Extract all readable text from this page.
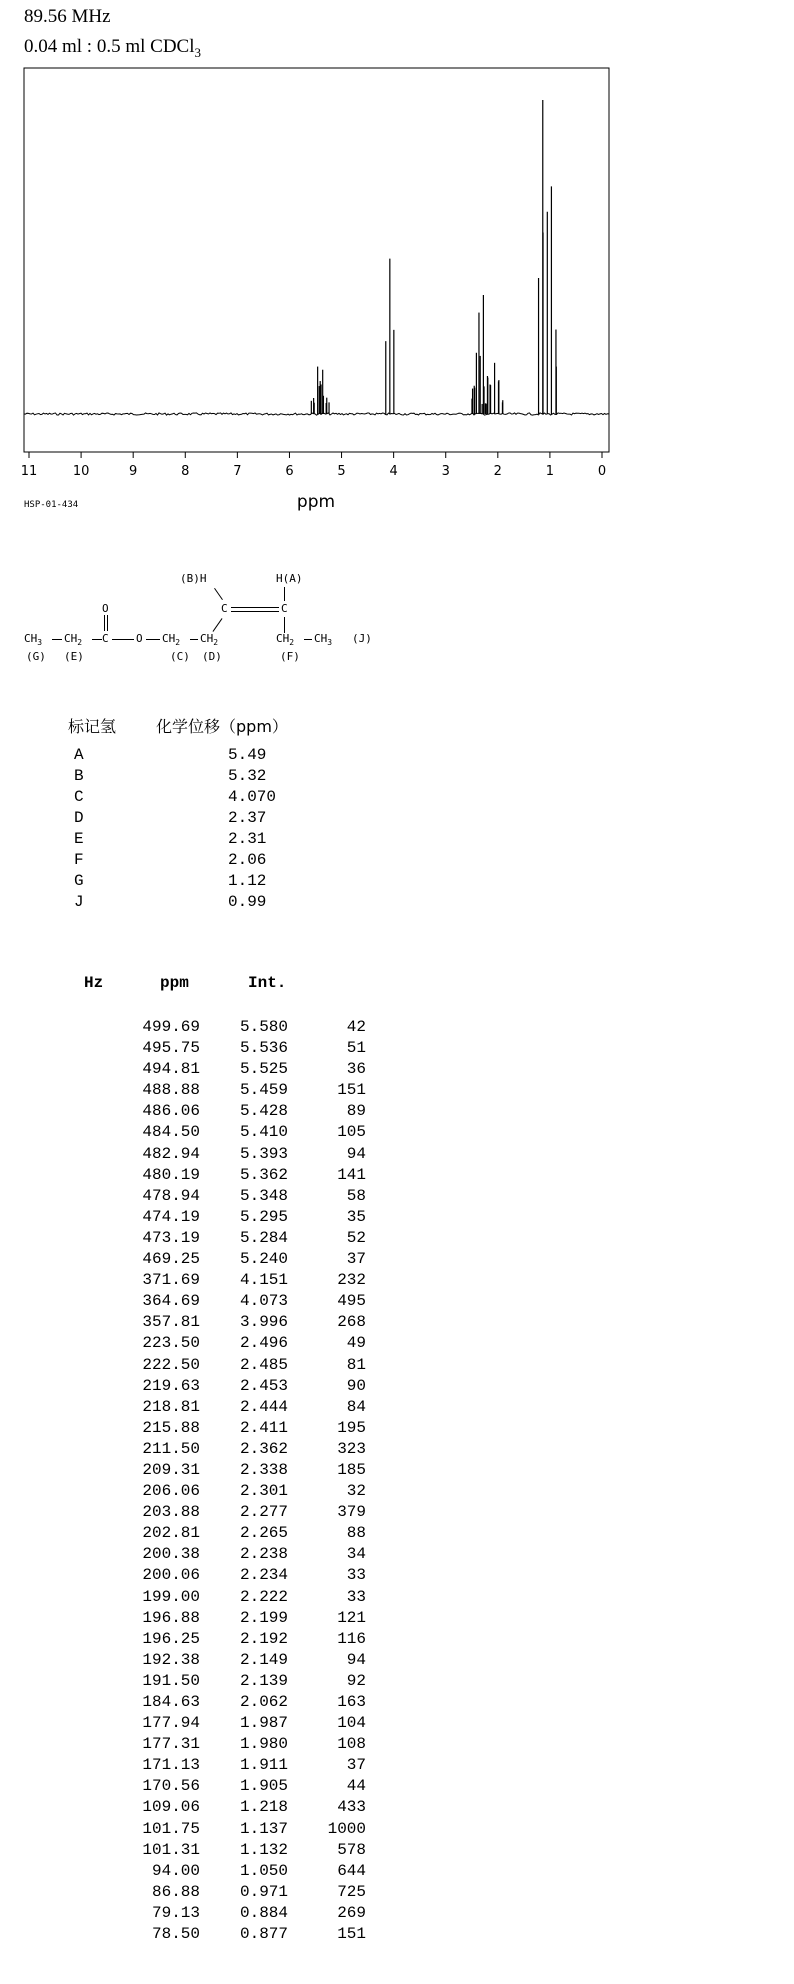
89.56 MHz
0.04 ml : 0.5 ml CDCl$_3$
11	10	9	8	7	6	5	4	3	2	1	0
ppm
HSP-01-434
(B)H	H(A)
O	C	C
$CH_3$ $CH_2$ C O $CH_2$ $CH_2$	$CH_2$ $CH_3$ (J)
(G) (E)	(C) (D)	(F)
标记氢 化学位移（ppm）
A	5.49
B	5.32
C	4.070
D	2.37
E	2.31
F	2.06
G	1.12
J	0.99
Hz	ppm	Int.
499.69	5.580	42
495.75	5.536	51
494.81	5.525	36
488.88	5.459	151
486.06	5.428	89
484.50	5.410	105
482.94	5.393	94
480.19	5.362	141
478.94	5.348	58
474.19	5.295	35
473.19	5.284	52
469.25	5.240	37
371.69	4.151	232
364.69	4.073	495
357.81	3.996	268
223.50	2.496	49
222.50	2.485	81
219.63	2.453	90
218.81	2.444	84
215.88	2.411	195
211.50	2.362	323
209.31	2.338	185
206.06	2.301	32
203.88	2.277	379
202.81	2.265	88
200.38	2.238	34
200.06	2.234	33
199.00	2.222	33
196.88	2.199	121
196.25	2.192	116
192.38	2.149	94
191.50	2.139	92
184.63	2.062	163
177.94	1.987	104
177.31	1.980	108
171.13	1.911	37
170.56	1.905	44
109.06	1.218	433
101.75	1.137	1000
101.31	1.132	578
94.00	1.050	644
86.88	0.971	725
79.13	0.884	269
78.50	0.877	151
